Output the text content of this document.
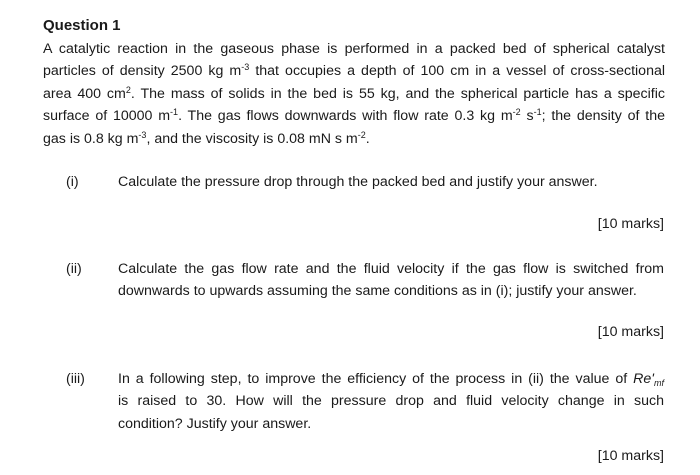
Question 1
A catalytic reaction in the gaseous phase is performed in a packed bed of spherical catalyst
particles of density 2500 kg $m^{-3}$ that occupies a depth of 100 cm in a vessel of cross-sectional
area 400 $cm^2$. The mass of solids in the bed is 55 kg, and the spherical particle has a specific
surface of 10000 $m^{-1}$. The gas flows downwards with flow rate 0.3 kg $m^{-2}$ $s^{-1}$; the density of the
gas is 0.8 kg $m^{-3}$, and the viscosity is 0.08 mN s $m^{-2}$.
(i)	Calculate the pressure drop through the packed bed and justify your answer.
[10 marks]
(ii)	Calculate the gas flow rate and the fluid velocity if the gas flow is switched from
downwards to upwards assuming the same conditions as in (i); justify your answer.
[10 marks]
(iii) In a following step, to improve the efficiency of the process in (ii) the value of $Re'_{mf}$
is raised to 30. How will the pressure drop and fluid velocity change in such
condition? Justify your answer.
[10 marks]
